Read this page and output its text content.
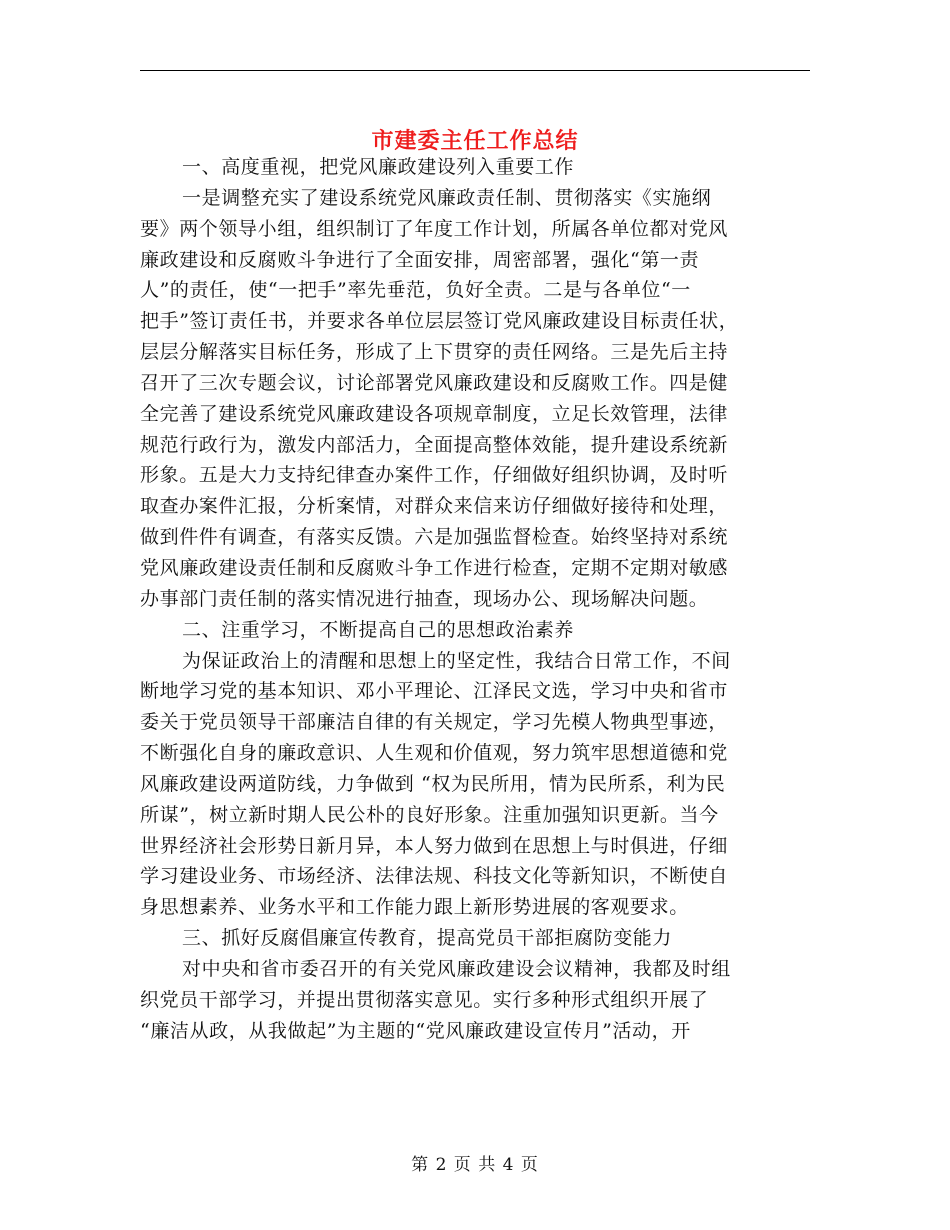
市建委主任工作总结
一、高度重视，把党风廉政建设列入重要工作
一是调整充实了建设系统党风廉政责任制、贯彻落实《实施纲
要》两个领导小组，组织制订了年度工作计划，所属各单位都对党风
廉政建设和反腐败斗争进行了全面安排，周密部署，强化“第一责
人”的责任，使“一把手”率先垂范，负好全责。二是与各单位“一
把手”签订责任书，并要求各单位层层签订党风廉政建设目标责任状，
层层分解落实目标任务，形成了上下贯穿的责任网络。三是先后主持
召开了三次专题会议，讨论部署党风廉政建设和反腐败工作。四是健
全完善了建设系统党风廉政建设各项规章制度，立足长效管理，法律
规范行政行为，激发内部活力，全面提高整体效能，提升建设系统新
形象。五是大力支持纪律查办案件工作，仔细做好组织协调，及时听
取查办案件汇报，分析案情，对群众来信来访仔细做好接待和处理，
做到件件有调查，有落实反馈。六是加强监督检查。始终坚持对系统
党风廉政建设责任制和反腐败斗争工作进行检查，定期不定期对敏感
办事部门责任制的落实情况进行抽查，现场办公、现场解决问题。
二、注重学习，不断提高自己的思想政治素养
为保证政治上的清醒和思想上的坚定性，我结合日常工作，不间
断地学习党的基本知识、邓小平理论、江泽民文选，学习中央和省市
委关于党员领导干部廉洁自律的有关规定，学习先模人物典型事迹，
不断强化自身的廉政意识、人生观和价值观，努力筑牢思想道德和党
风廉政建设两道防线，力争做到 “权为民所用，情为民所系，利为民
所谋”，树立新时期人民公朴的良好形象。注重加强知识更新。当今
世界经济社会形势日新月异，本人努力做到在思想上与时俱进，仔细
学习建设业务、市场经济、法律法规、科技文化等新知识，不断使自
身思想素养、业务水平和工作能力跟上新形势进展的客观要求。
三、抓好反腐倡廉宣传教育，提高党员干部拒腐防变能力
对中央和省市委召开的有关党风廉政建设会议精神，我都及时组
织党员干部学习，并提出贯彻落实意见。实行多种形式组织开展了
“廉洁从政，从我做起”为主题的“党风廉政建设宣传月”活动，开
第 2 页 共 4 页
